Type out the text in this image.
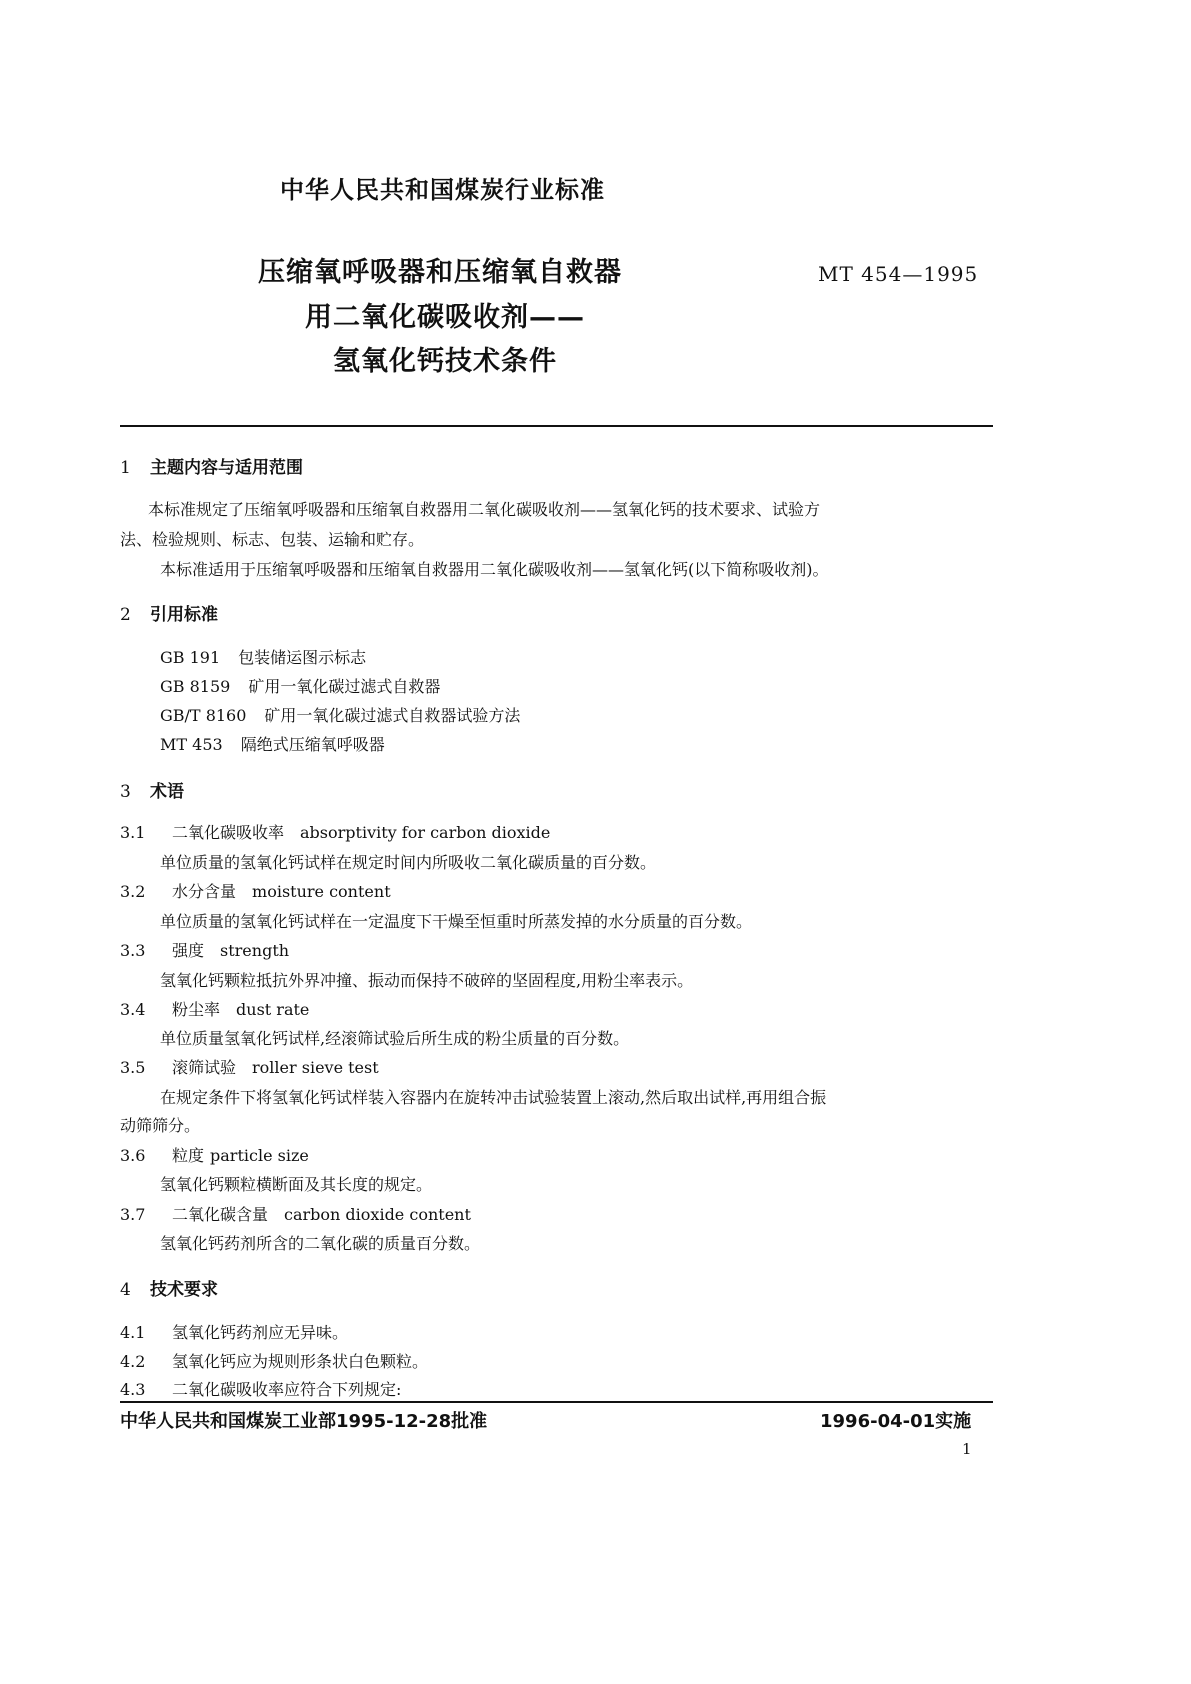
中华人民共和国煤炭行业标准
压缩氧呼吸器和压缩氧自救器
用二氧化碳吸收剂——
氢氧化钙技术条件
MT 454—1995
1 主题内容与适用范围
本标准规定了压缩氧呼吸器和压缩氧自救器用二氧化碳吸收剂——氢氧化钙的技术要求、试验方
法、检验规则、标志、包装、运输和贮存。
本标准适用于压缩氧呼吸器和压缩氧自救器用二氧化碳吸收剂——氢氧化钙(以下简称吸收剂)。
2 引用标准
GB 191 包装储运图示标志
GB 8159 矿用一氧化碳过滤式自救器
GB/T 8160 矿用一氧化碳过滤式自救器试验方法
MT 453 隔绝式压缩氧呼吸器
3 术语
3.1 二氧化碳吸收率 absorptivity for carbon dioxide
单位质量的氢氧化钙试样在规定时间内所吸收二氧化碳质量的百分数。
3.2 水分含量 moisture content
单位质量的氢氧化钙试样在一定温度下干燥至恒重时所蒸发掉的水分质量的百分数。
3.3 强度 strength
氢氧化钙颗粒抵抗外界冲撞、振动而保持不破碎的坚固程度,用粉尘率表示。
3.4 粉尘率 dust rate
单位质量氢氧化钙试样,经滚筛试验后所生成的粉尘质量的百分数。
3.5 滚筛试验 roller sieve test
在规定条件下将氢氧化钙试样装入容器内在旋转冲击试验装置上滚动,然后取出试样,再用组合振
动筛筛分。
3.6 粒度 particle size
氢氧化钙颗粒横断面及其长度的规定。
3.7 二氧化碳含量 carbon dioxide content
氢氧化钙药剂所含的二氧化碳的质量百分数。
4 技术要求
4.1 氢氧化钙药剂应无异味。
4.2 氢氧化钙应为规则形条状白色颗粒。
4.3 二氧化碳吸收率应符合下列规定:
中华人民共和国煤炭工业部1995-12-28批准	1996-04-01实施
1
